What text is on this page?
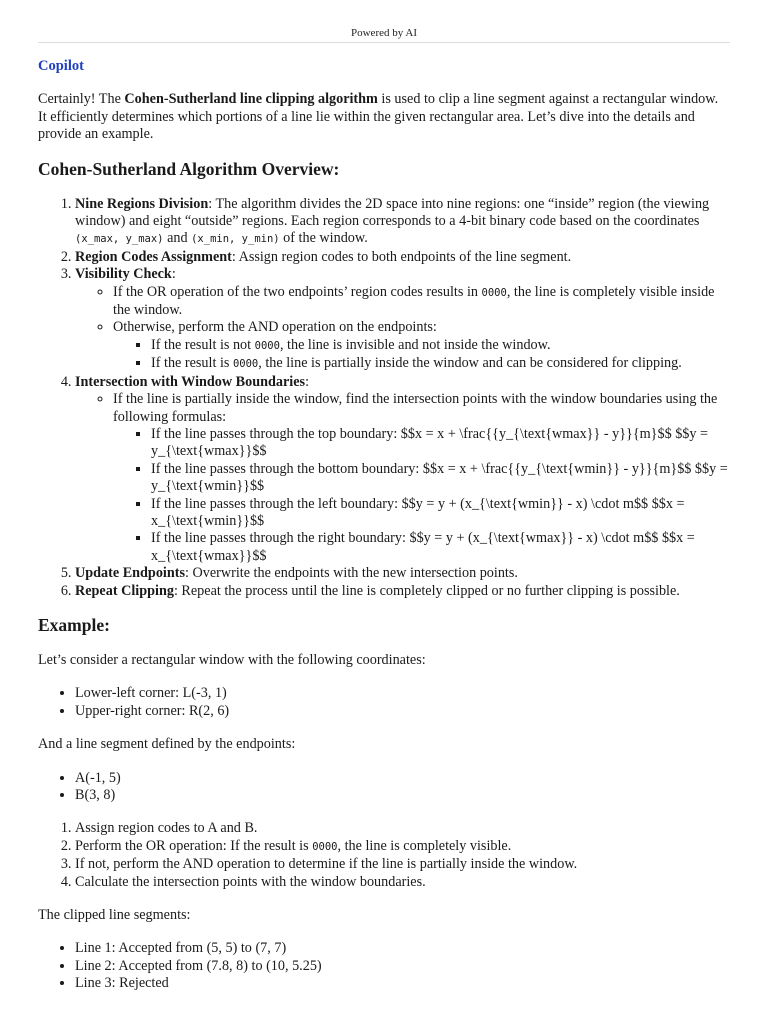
Powered by AI
Copilot

Certainly! The Cohen-Sutherland line clipping algorithm is used to clip a line segment against a rectangular window. It efficiently determines which portions of a line lie within the given rectangular area. Let’s dive into the details and provide an example.

Cohen-Sutherland Algorithm Overview:
1. Nine Regions Division: The algorithm divides the 2D space into nine regions: one “inside” region (the viewing window) and eight “outside” regions. Each region corresponds to a 4-bit binary code based on the coordinates (x_max, y_max) and (x_min, y_min) of the window.
2. Region Codes Assignment: Assign region codes to both endpoints of the line segment.
3. Visibility Check:
◦ If the OR operation of the two endpoints’ region codes results in 0000, the line is completely visible inside the window.
◦ Otherwise, perform the AND operation on the endpoints:
▪ If the result is not 0000, the line is invisible and not inside the window.
▪ If the result is 0000, the line is partially inside the window and can be considered for clipping.
4. Intersection with Window Boundaries:
◦ If the line is partially inside the window, find the intersection points with the window boundaries using the following formulas:
▪ If the line passes through the top boundary: $$x = x + \frac{{y_{\text{wmax}} - y}}{m}$$ $$y = y_{\text{wmax}}$$
▪ If the line passes through the bottom boundary: $$x = x + \frac{{y_{\text{wmin}} - y}}{m}$$ $$y = y_{\text{wmin}}$$
▪ If the line passes through the left boundary: $$y = y + (x_{\text{wmin}} - x) \cdot m$$ $$x = x_{\text{wmin}}$$
▪ If the line passes through the right boundary: $$y = y + (x_{\text{wmax}} - x) \cdot m$$ $$x = x_{\text{wmax}}$$
5. Update Endpoints: Overwrite the endpoints with the new intersection points.
6. Repeat Clipping: Repeat the process until the line is completely clipped or no further clipping is possible.
Example:

Let’s consider a rectangular window with the following coordinates:

• Lower-left corner: L(-3, 1)
• Upper-right corner: R(2, 6)

And a line segment defined by the endpoints:

• A(-1, 5)
• B(3, 8)
1. Assign region codes to A and B.
2. Perform the OR operation: If the result is 0000, the line is completely visible.
3. If not, perform the AND operation to determine if the line is partially inside the window.
4. Calculate the intersection points with the window boundaries.

The clipped line segments:

• Line 1: Accepted from (5, 5) to (7, 7)
• Line 2: Accepted from (7.8, 8) to (10, 5.25)
• Line 3: Rejected
